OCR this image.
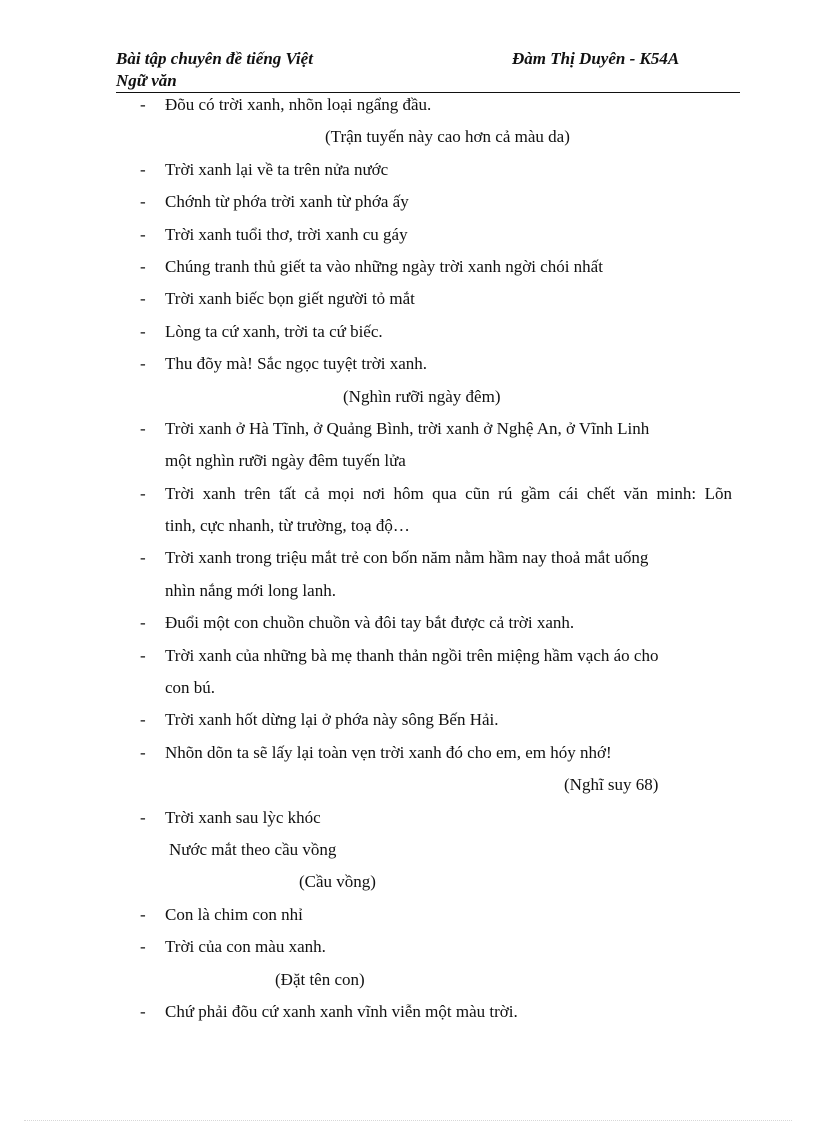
Bài tập chuyên đề tiếng Việt
Ngữ văn
Đàm Thị Duyên - K54A
- Đõu có trời xanh, nhõn loại ngẩng đầu.
(Trận tuyến này cao hơn cả màu da)
- Trời xanh lại về ta trên nửa nước
- Chớnh từ phớa trời xanh từ phớa ấy
- Trời xanh tuổi thơ, trời xanh cu gáy
- Chúng tranh thủ giết ta vào những ngày trời xanh ngời chói nhất
- Trời xanh biếc bọn giết người tỏ mắt
- Lòng ta cứ xanh, trời ta cứ biếc.
- Thu đõy mà! Sắc ngọc tuyệt trời xanh.
(Nghìn rưỡi ngày đêm)
- Trời xanh ở Hà Tĩnh, ở Quảng Bình, trời xanh ở Nghệ An, ở Vĩnh Linh
một nghìn rưỡi ngày đêm tuyến lửa
- Trời xanh trên tất cả mọi nơi hôm qua cũn rú gầm cái chết văn minh: Lõn
tinh, cực nhanh, từ trường, toạ độ…
- Trời xanh trong triệu mắt trẻ con bốn năm nằm hầm nay thoả mắt uống
nhìn nắng mới long lanh.
- Đuổi một con chuồn chuồn và đôi tay bắt được cả trời xanh.
- Trời xanh của những bà mẹ thanh thản ngồi trên miệng hầm vạch áo cho
con bú.
- Trời xanh hốt dừng lại ở phớa này sông Bến Hải.
- Nhõn dõn ta sẽ lấy lại toàn vẹn trời xanh đó cho em, em hóy nhớ!
(Nghĩ suy 68)
- Trời xanh sau lỳc khóc
Nước mắt theo cầu vồng
(Cầu vồng)
- Con là chim con nhỉ
- Trời của con màu xanh.
(Đặt tên con)
- Chứ phải đõu cứ xanh xanh vĩnh viễn một màu trời.
